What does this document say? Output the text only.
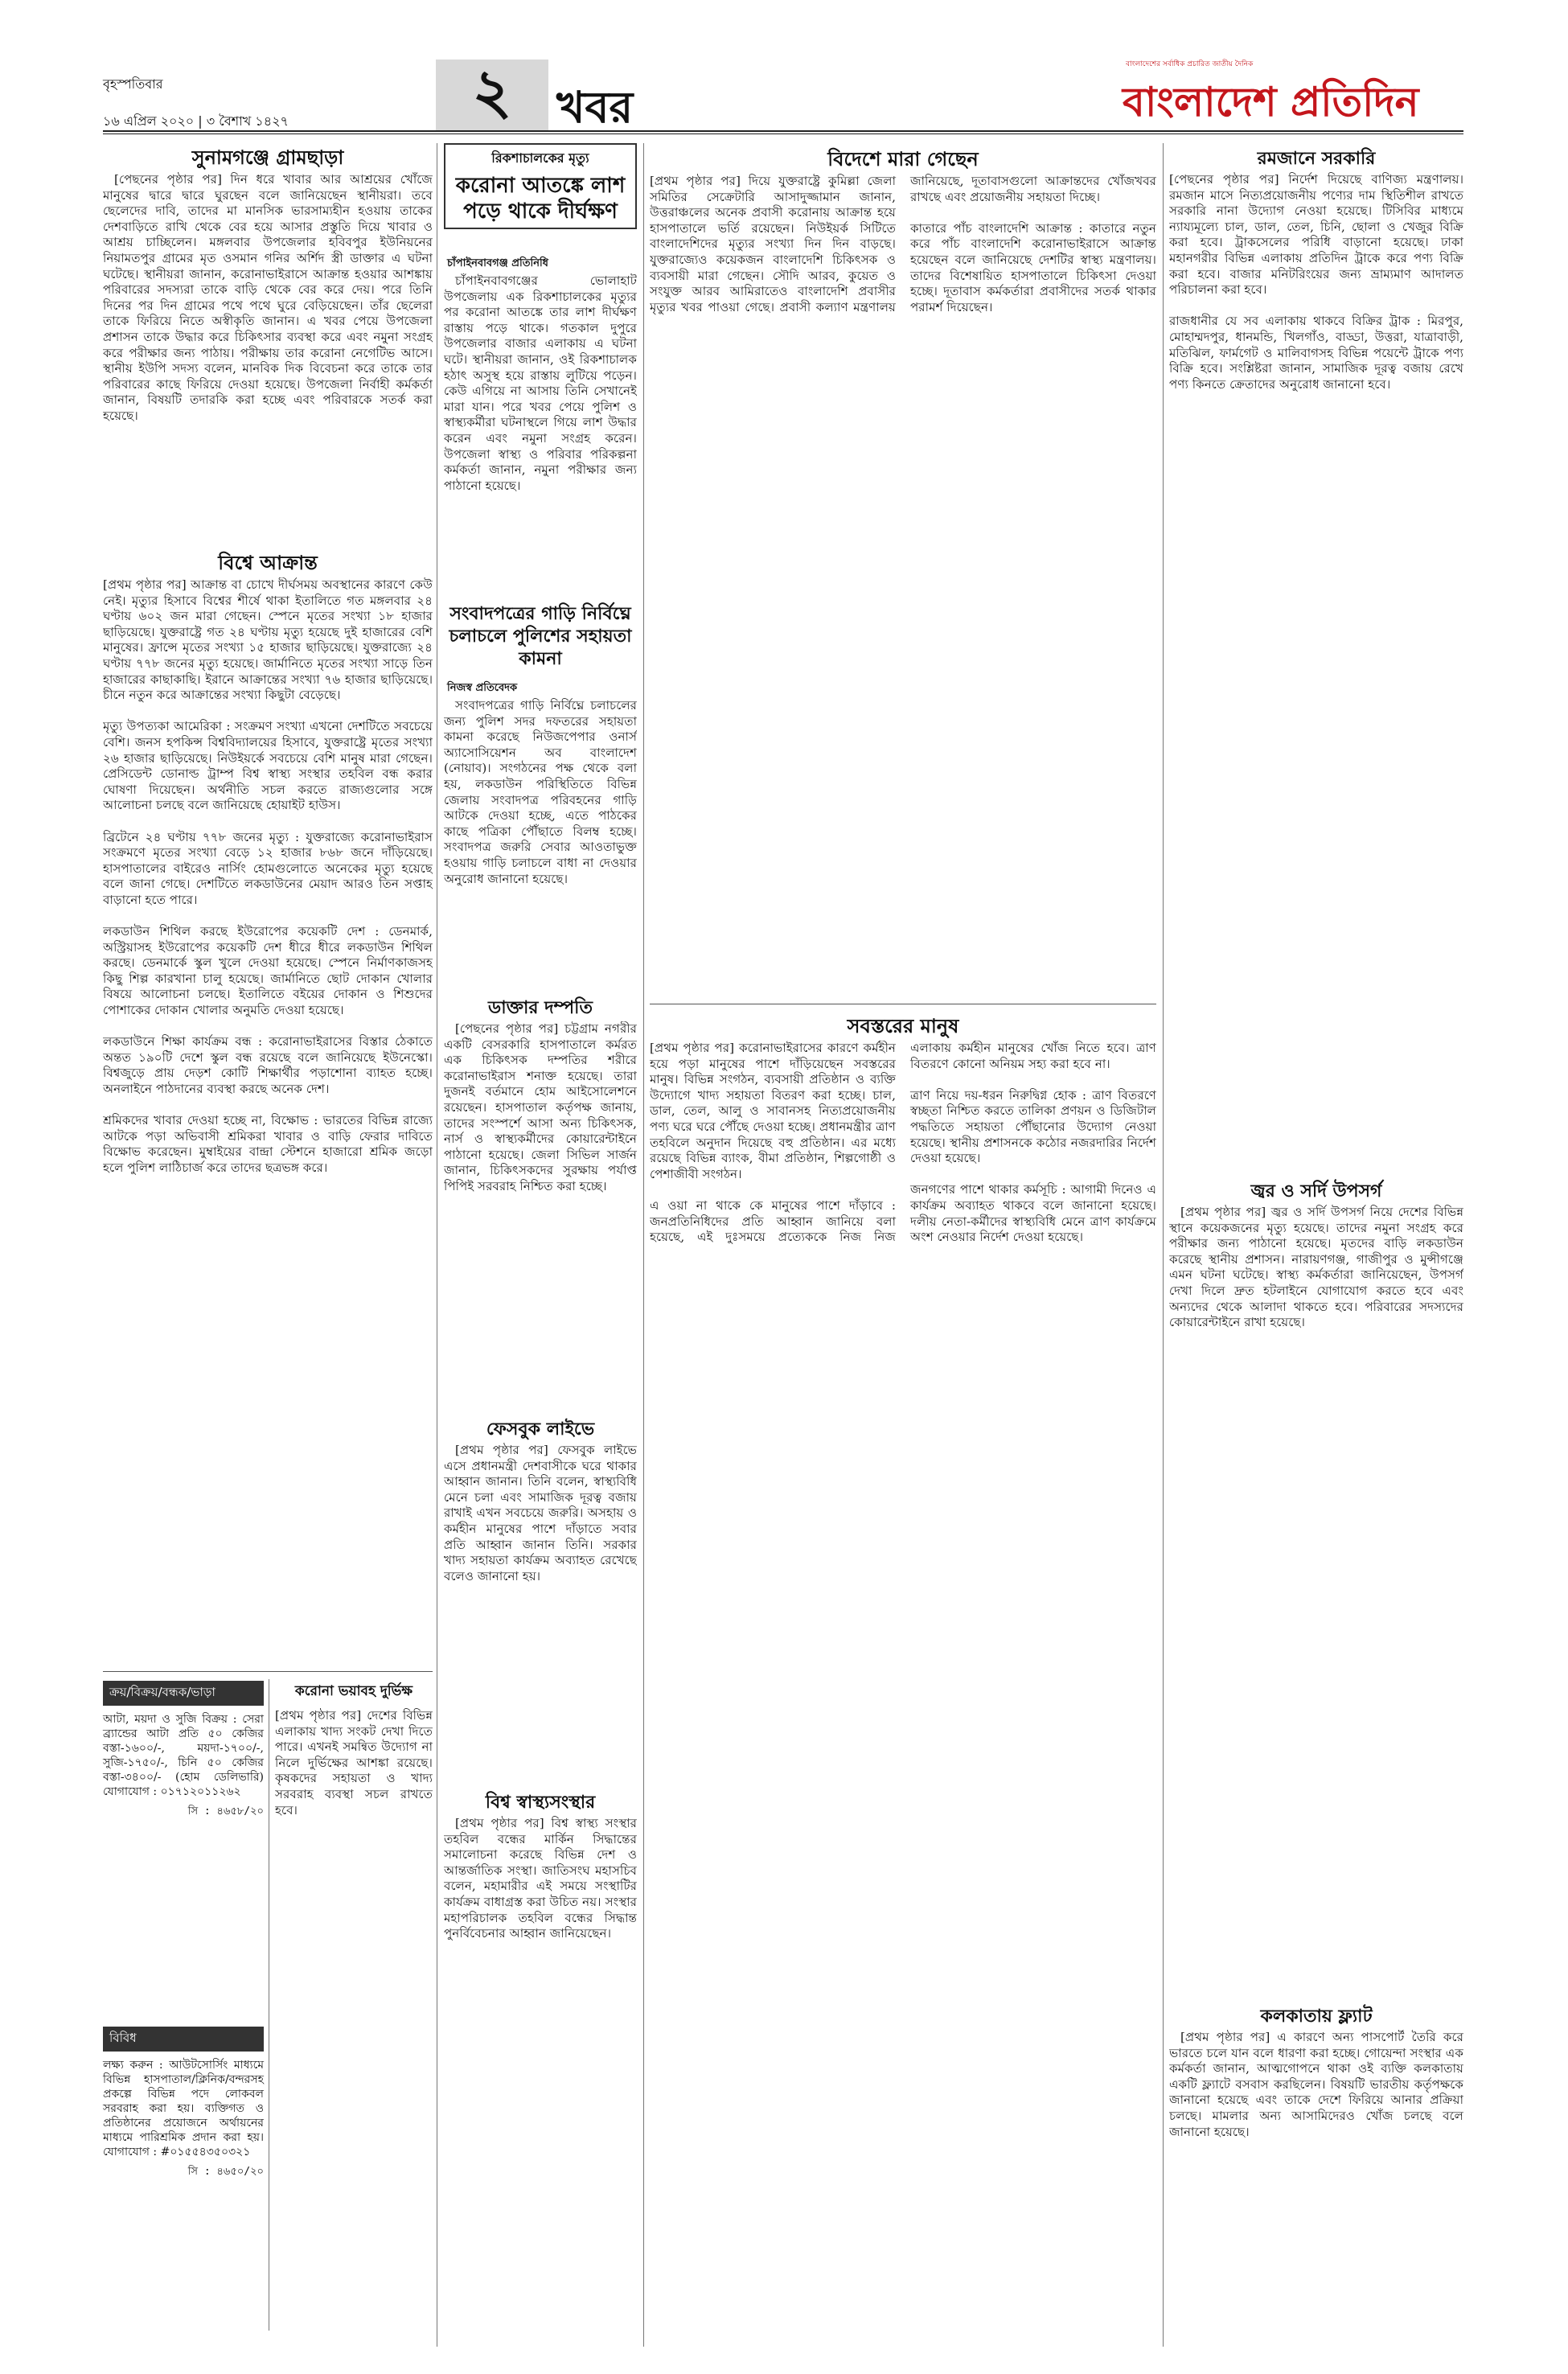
বৃহস্পতিবার
১৬ এপ্রিল ২০২০ | ৩ বৈশাখ ১৪২৭	২	খবর
বাংলাদেশের সর্বাধিক প্রচারিত জাতীয় দৈনিক
বাংলাদেশ প্রতিদিন
সুনামগঞ্জে গ্রামছাড়া

[পেছনের পৃষ্ঠার পর] দিন ধরে খাবার আর আশ্রয়ের খোঁজে মানুষের দ্বারে দ্বারে ঘুরছেন বলে জানিয়েছেন স্থানীয়রা। তবে ছেলেদের দাবি, তাদের মা মানসিক ভারসাম্যহীন হওয়ায় তাকের দেশবাড়িতে রাখি থেকে বের হয়ে আসার প্রস্তুতি দিয়ে খাবার ও আশ্রয় চাচ্ছিলেন। মঙ্গলবার উপজেলার হবিবপুর ইউনিয়নের নিয়ামতপুর গ্রামের মৃত ওসমান গনির অর্শিদ স্ত্রী ডাক্তার এ ঘটনা ঘটেছে। স্থানীয়রা জানান, করোনাভাইরাসে আক্রান্ত হওয়ার আশঙ্কায় পরিবারের সদস্যরা তাকে বাড়ি থেকে বের করে দেয়। পরে তিনি দিনের পর দিন গ্রামের পথে পথে ঘুরে বেড়িয়েছেন। তাঁর ছেলেরা তাকে ফিরিয়ে নিতে অস্বীকৃতি জানান। এ খবর পেয়ে উপজেলা প্রশাসন তাকে উদ্ধার করে চিকিৎসার ব্যবস্থা করে এবং নমুনা সংগ্রহ করে পরীক্ষার জন্য পাঠায়। পরীক্ষায় তার করোনা নেগেটিভ আসে। স্থানীয় ইউপি সদস্য বলেন, মানবিক দিক বিবেচনা করে তাকে তার পরিবারের কাছে ফিরিয়ে দেওয়া হয়েছে। উপজেলা নির্বাহী কর্মকর্তা জানান, বিষয়টি তদারকি করা হচ্ছে এবং পরিবারকে সতর্ক করা হয়েছে।

বিশ্বে আক্রান্ত
[প্রথম পৃষ্ঠার পর] আক্রান্ত বা চোখে দীর্ঘসময় অবস্থানের কারণে কেউ নেই। মৃত্যুর হিসাবে বিশ্বের শীর্ষে থাকা ইতালিতে গত মঙ্গলবার ২৪ ঘণ্টায় ৬০২ জন মারা গেছেন। স্পেনে মৃতের সংখ্যা ১৮ হাজার ছাড়িয়েছে। যুক্তরাষ্ট্রে গত ২৪ ঘণ্টায় মৃত্যু হয়েছে দুই হাজারের বেশি মানুষের। ফ্রান্সে মৃতের সংখ্যা ১৫ হাজার ছাড়িয়েছে। যুক্তরাজ্যে ২৪ ঘণ্টায় ৭৭৮ জনের মৃত্যু হয়েছে। জার্মানিতে মৃতের সংখ্যা সাড়ে তিন হাজারের কাছাকাছি। ইরানে আক্রান্তের সংখ্যা ৭৬ হাজার ছাড়িয়েছে। চীনে নতুন করে আক্রান্তের সংখ্যা কিছুটা বেড়েছে।

মৃত্যু উপত্যকা আমেরিকা : সংক্রমণ সংখ্যা এখনো দেশটিতে সবচেয়ে বেশি। জনস হপকিন্স বিশ্ববিদ্যালয়ের হিসাবে, যুক্তরাষ্ট্রে মৃতের সংখ্যা ২৬ হাজার ছাড়িয়েছে। নিউইয়র্কে সবচেয়ে বেশি মানুষ মারা গেছেন। প্রেসিডেন্ট ডোনাল্ড ট্রাম্প বিশ্ব স্বাস্থ্য সংস্থার তহবিল বন্ধ করার ঘোষণা দিয়েছেন। অর্থনীতি সচল করতে রাজ্যগুলোর সঙ্গে আলোচনা চলছে বলে জানিয়েছে হোয়াইট হাউস।

ব্রিটেনে ২৪ ঘণ্টায় ৭৭৮ জনের মৃত্যু : যুক্তরাজ্যে করোনাভাইরাস সংক্রমণে মৃতের সংখ্যা বেড়ে ১২ হাজার ৮৬৮ জনে দাঁড়িয়েছে। হাসপাতালের বাইরেও নার্সিং হোমগুলোতে অনেকের মৃত্যু হয়েছে বলে জানা গেছে। দেশটিতে লকডাউনের মেয়াদ আরও তিন সপ্তাহ বাড়ানো হতে পারে।

লকডাউন শিথিল করছে ইউরোপের কয়েকটি দেশ : ডেনমার্ক, অস্ট্রিয়াসহ ইউরোপের কয়েকটি দেশ ধীরে ধীরে লকডাউন শিথিল করছে। ডেনমার্কে স্কুল খুলে দেওয়া হয়েছে। স্পেনে নির্মাণকাজসহ কিছু শিল্প কারখানা চালু হয়েছে। জার্মানিতে ছোট দোকান খোলার বিষয়ে আলোচনা চলছে। ইতালিতে বইয়ের দোকান ও শিশুদের পোশাকের দোকান খোলার অনুমতি দেওয়া হয়েছে।

লকডাউনে শিক্ষা কার্যক্রম বন্ধ : করোনাভাইরাসের বিস্তার ঠেকাতে অন্তত ১৯০টি দেশে স্কুল বন্ধ রয়েছে বলে জানিয়েছে ইউনেস্কো। বিশ্বজুড়ে প্রায় দেড়শ কোটি শিক্ষার্থীর পড়াশোনা ব্যাহত হচ্ছে। অনলাইনে পাঠদানের ব্যবস্থা করছে অনেক দেশ।

শ্রমিকদের খাবার দেওয়া হচ্ছে না, বিক্ষোভ : ভারতের বিভিন্ন রাজ্যে আটকে পড়া অভিবাসী শ্রমিকরা খাবার ও বাড়ি ফেরার দাবিতে বিক্ষোভ করেছেন। মুম্বাইয়ের বান্দ্রা স্টেশনে হাজারো শ্রমিক জড়ো হলে পুলিশ লাঠিচার্জ করে তাদের ছত্রভঙ্গ করে।
ক্রয়/বিক্রয়/বন্ধক/ভাড়া
আটা, ময়দা ও সুজি বিক্রয় : সেরা ব্র্যান্ডের আটা প্রতি ৫০ কেজির বস্তা-১৬০০/-, ময়দা-১৭০০/-, সুজি-১৭৫০/-, চিনি ৫০ কেজির বস্তা-৩৪০০/- (হোম ডেলিভারি) যোগাযোগ : ০১৭১২০১১২৬২
সি : ৪৬৫৮/২০
বিবিধ
লক্ষ্য করুন : আউটসোর্সিং মাধ্যমে বিভিন্ন হাসপাতাল/ক্লিনিক/বন্দরসহ প্রকল্পে বিভিন্ন পদে লোকবল সরবরাহ করা হয়। ব্যক্তিগত ও প্রতিষ্ঠানের প্রয়োজনে অর্থায়নের মাধ্যমে পারিশ্রমিক প্রদান করা হয়। যোগাযোগ : #০১৫৫৪৩৫০৩২১
সি : ৪৬৫০/২০
করোনা ভয়াবহ দুর্ভিক্ষ
[প্রথম পৃষ্ঠার পর] দেশের বিভিন্ন এলাকায় খাদ্য সংকট দেখা দিতে পারে। এখনই সমন্বিত উদ্যোগ না নিলে দুর্ভিক্ষের আশঙ্কা রয়েছে। কৃষকদের সহায়তা ও খাদ্য সরবরাহ ব্যবস্থা সচল রাখতে হবে।
রিকশাচালকের মৃত্যু
করোনা আতঙ্কে লাশ পড়ে থাকে দীর্ঘক্ষণ
চাঁপাইনবাবগঞ্জ প্রতিনিধি

চাঁপাইনবাবগঞ্জের ভোলাহাট উপজেলায় এক রিকশাচালকের মৃত্যুর পর করোনা আতঙ্কে তার লাশ দীর্ঘক্ষণ রাস্তায় পড়ে থাকে। গতকাল দুপুরে উপজেলার বাজার এলাকায় এ ঘটনা ঘটে। স্থানীয়রা জানান, ওই রিকশাচালক হঠাৎ অসুস্থ হয়ে রাস্তায় লুটিয়ে পড়েন। কেউ এগিয়ে না আসায় তিনি সেখানেই মারা যান। পরে খবর পেয়ে পুলিশ ও স্বাস্থ্যকর্মীরা ঘটনাস্থলে গিয়ে লাশ উদ্ধার করেন এবং নমুনা সংগ্রহ করেন। উপজেলা স্বাস্থ্য ও পরিবার পরিকল্পনা কর্মকর্তা জানান, নমুনা পরীক্ষার জন্য পাঠানো হয়েছে।

সংবাদপত্রের গাড়ি নির্বিঘ্নে চলাচলে পুলিশের সহায়তা কামনা
নিজস্ব প্রতিবেদক

সংবাদপত্রের গাড়ি নির্বিঘ্নে চলাচলের জন্য পুলিশ সদর দফতরের সহায়তা কামনা করেছে নিউজপেপার ওনার্স অ্যাসোসিয়েশন অব বাংলাদেশ (নোয়াব)। সংগঠনের পক্ষ থেকে বলা হয়, লকডাউন পরিস্থিতিতে বিভিন্ন জেলায় সংবাদপত্র পরিবহনের গাড়ি আটকে দেওয়া হচ্ছে, এতে পাঠকের কাছে পত্রিকা পৌঁছাতে বিলম্ব হচ্ছে। সংবাদপত্র জরুরি সেবার আওতাভুক্ত হওয়ায় গাড়ি চলাচলে বাধা না দেওয়ার অনুরোধ জানানো হয়েছে।

ডাক্তার দম্পতি

[পেছনের পৃষ্ঠার পর] চট্টগ্রাম নগরীর একটি বেসরকারি হাসপাতালে কর্মরত এক চিকিৎসক দম্পতির শরীরে করোনাভাইরাস শনাক্ত হয়েছে। তারা দুজনই বর্তমানে হোম আইসোলেশনে রয়েছেন। হাসপাতাল কর্তৃপক্ষ জানায়, তাদের সংস্পর্শে আসা অন্য চিকিৎসক, নার্স ও স্বাস্থ্যকর্মীদের কোয়ারেন্টাইনে পাঠানো হয়েছে। জেলা সিভিল সার্জন জানান, চিকিৎসকদের সুরক্ষায় পর্যাপ্ত পিপিই সরবরাহ নিশ্চিত করা হচ্ছে।

ফেসবুক লাইভে

[প্রথম পৃষ্ঠার পর] ফেসবুক লাইভে এসে প্রধানমন্ত্রী দেশবাসীকে ঘরে থাকার আহ্বান জানান। তিনি বলেন, স্বাস্থ্যবিধি মেনে চলা এবং সামাজিক দূরত্ব বজায় রাখাই এখন সবচেয়ে জরুরি। অসহায় ও কর্মহীন মানুষের পাশে দাঁড়াতে সবার প্রতি আহ্বান জানান তিনি। সরকার খাদ্য সহায়তা কার্যক্রম অব্যাহত রেখেছে বলেও জানানো হয়।

বিশ্ব স্বাস্থ্যসংস্থার

[প্রথম পৃষ্ঠার পর] বিশ্ব স্বাস্থ্য সংস্থার তহবিল বন্ধের মার্কিন সিদ্ধান্তের সমালোচনা করেছে বিভিন্ন দেশ ও আন্তর্জাতিক সংস্থা। জাতিসংঘ মহাসচিব বলেন, মহামারীর এই সময়ে সংস্থাটির কার্যক্রম বাধাগ্রস্ত করা উচিত নয়। সংস্থার মহাপরিচালক তহবিল বন্ধের সিদ্ধান্ত পুনর্বিবেচনার আহ্বান জানিয়েছেন।

বিদেশে মারা গেছেন
[প্রথম পৃষ্ঠার পর] দিয়ে যুক্তরাষ্ট্রে কুমিল্লা জেলা সমিতির সেক্রেটারি আসাদুজ্জামান জানান, উত্তরাঞ্চলের অনেক প্রবাসী করোনায় আক্রান্ত হয়ে হাসপাতালে ভর্তি রয়েছেন। নিউইয়র্ক সিটিতে বাংলাদেশিদের মৃত্যুর সংখ্যা দিন দিন বাড়ছে। যুক্তরাজ্যেও কয়েকজন বাংলাদেশি চিকিৎসক ও ব্যবসায়ী মারা গেছেন। সৌদি আরব, কুয়েত ও সংযুক্ত আরব আমিরাতেও বাংলাদেশি প্রবাসীর মৃত্যুর খবর পাওয়া গেছে। প্রবাসী কল্যাণ মন্ত্রণালয় জানিয়েছে, দূতাবাসগুলো আক্রান্তদের খোঁজখবর রাখছে এবং প্রয়োজনীয় সহায়তা দিচ্ছে।

কাতারে পাঁচ বাংলাদেশি আক্রান্ত : কাতারে নতুন করে পাঁচ বাংলাদেশি করোনাভাইরাসে আক্রান্ত হয়েছেন বলে জানিয়েছে দেশটির স্বাস্থ্য মন্ত্রণালয়। তাদের বিশেষায়িত হাসপাতালে চিকিৎসা দেওয়া হচ্ছে। দূতাবাস কর্মকর্তারা প্রবাসীদের সতর্ক থাকার পরামর্শ দিয়েছেন।
সবস্তরের মানুষ
[প্রথম পৃষ্ঠার পর] করোনাভাইরাসের কারণে কর্মহীন হয়ে পড়া মানুষের পাশে দাঁড়িয়েছেন সবস্তরের মানুষ। বিভিন্ন সংগঠন, ব্যবসায়ী প্রতিষ্ঠান ও ব্যক্তি উদ্যোগে খাদ্য সহায়তা বিতরণ করা হচ্ছে। চাল, ডাল, তেল, আলু ও সাবানসহ নিত্যপ্রয়োজনীয় পণ্য ঘরে ঘরে পৌঁছে দেওয়া হচ্ছে। প্রধানমন্ত্রীর ত্রাণ তহবিলে অনুদান দিয়েছে বহু প্রতিষ্ঠান। এর মধ্যে রয়েছে বিভিন্ন ব্যাংক, বীমা প্রতিষ্ঠান, শিল্পগোষ্ঠী ও পেশাজীবী সংগঠন।

এ ওয়া না থাকে কে মানুষের পাশে দাঁড়াবে : জনপ্রতিনিধিদের প্রতি আহ্বান জানিয়ে বলা হয়েছে, এই দুঃসময়ে প্রত্যেককে নিজ নিজ এলাকায় কর্মহীন মানুষের খোঁজ নিতে হবে। ত্রাণ বিতরণে কোনো অনিয়ম সহ্য করা হবে না।

ত্রাণ নিয়ে দয়-ধরন নিরুদ্বিগ্ন হোক : ত্রাণ বিতরণে স্বচ্ছতা নিশ্চিত করতে তালিকা প্রণয়ন ও ডিজিটাল পদ্ধতিতে সহায়তা পৌঁছানোর উদ্যোগ নেওয়া হয়েছে। স্থানীয় প্রশাসনকে কঠোর নজরদারির নির্দেশ দেওয়া হয়েছে।

জনগণের পাশে থাকার কর্মসূচি : আগামী দিনেও এ কার্যক্রম অব্যাহত থাকবে বলে জানানো হয়েছে। দলীয় নেতা-কর্মীদের স্বাস্থ্যবিধি মেনে ত্রাণ কার্যক্রমে অংশ নেওয়ার নির্দেশ দেওয়া হয়েছে।
রমজানে সরকারি
[পেছনের পৃষ্ঠার পর] নির্দেশ দিয়েছে বাণিজ্য মন্ত্রণালয়। রমজান মাসে নিত্যপ্রয়োজনীয় পণ্যের দাম স্থিতিশীল রাখতে সরকারি নানা উদ্যোগ নেওয়া হয়েছে। টিসিবির মাধ্যমে ন্যায্যমূল্যে চাল, ডাল, তেল, চিনি, ছোলা ও খেজুর বিক্রি করা হবে। ট্রাকসেলের পরিধি বাড়ানো হয়েছে। ঢাকা মহানগরীর বিভিন্ন এলাকায় প্রতিদিন ট্রাকে করে পণ্য বিক্রি করা হবে। বাজার মনিটরিংয়ের জন্য ভ্রাম্যমাণ আদালত পরিচালনা করা হবে।

রাজধানীর যে সব এলাকায় থাকবে বিক্রির ট্রাক : মিরপুর, মোহাম্মদপুর, ধানমন্ডি, খিলগাঁও, বাড্ডা, উত্তরা, যাত্রাবাড়ী, মতিঝিল, ফার্মগেট ও মালিবাগসহ বিভিন্ন পয়েন্টে ট্রাকে পণ্য বিক্রি হবে। সংশ্লিষ্টরা জানান, সামাজিক দূরত্ব বজায় রেখে পণ্য কিনতে ক্রেতাদের অনুরোধ জানানো হবে।
জ্বর ও সর্দি উপসর্গ

[প্রথম পৃষ্ঠার পর] জ্বর ও সর্দি উপসর্গ নিয়ে দেশের বিভিন্ন স্থানে কয়েকজনের মৃত্যু হয়েছে। তাদের নমুনা সংগ্রহ করে পরীক্ষার জন্য পাঠানো হয়েছে। মৃতদের বাড়ি লকডাউন করেছে স্থানীয় প্রশাসন। নারায়ণগঞ্জ, গাজীপুর ও মুন্সীগঞ্জে এমন ঘটনা ঘটেছে। স্বাস্থ্য কর্মকর্তারা জানিয়েছেন, উপসর্গ দেখা দিলে দ্রুত হটলাইনে যোগাযোগ করতে হবে এবং অন্যদের থেকে আলাদা থাকতে হবে। পরিবারের সদস্যদের কোয়ারেন্টাইনে রাখা হয়েছে।

কলকাতায় ফ্ল্যাট

[প্রথম পৃষ্ঠার পর] এ কারণে অন্য পাসপোর্ট তৈরি করে ভারতে চলে যান বলে ধারণা করা হচ্ছে। গোয়েন্দা সংস্থার এক কর্মকর্তা জানান, আত্মগোপনে থাকা ওই ব্যক্তি কলকাতায় একটি ফ্ল্যাটে বসবাস করছিলেন। বিষয়টি ভারতীয় কর্তৃপক্ষকে জানানো হয়েছে এবং তাকে দেশে ফিরিয়ে আনার প্রক্রিয়া চলছে। মামলার অন্য আসামিদেরও খোঁজ চলছে বলে জানানো হয়েছে।
